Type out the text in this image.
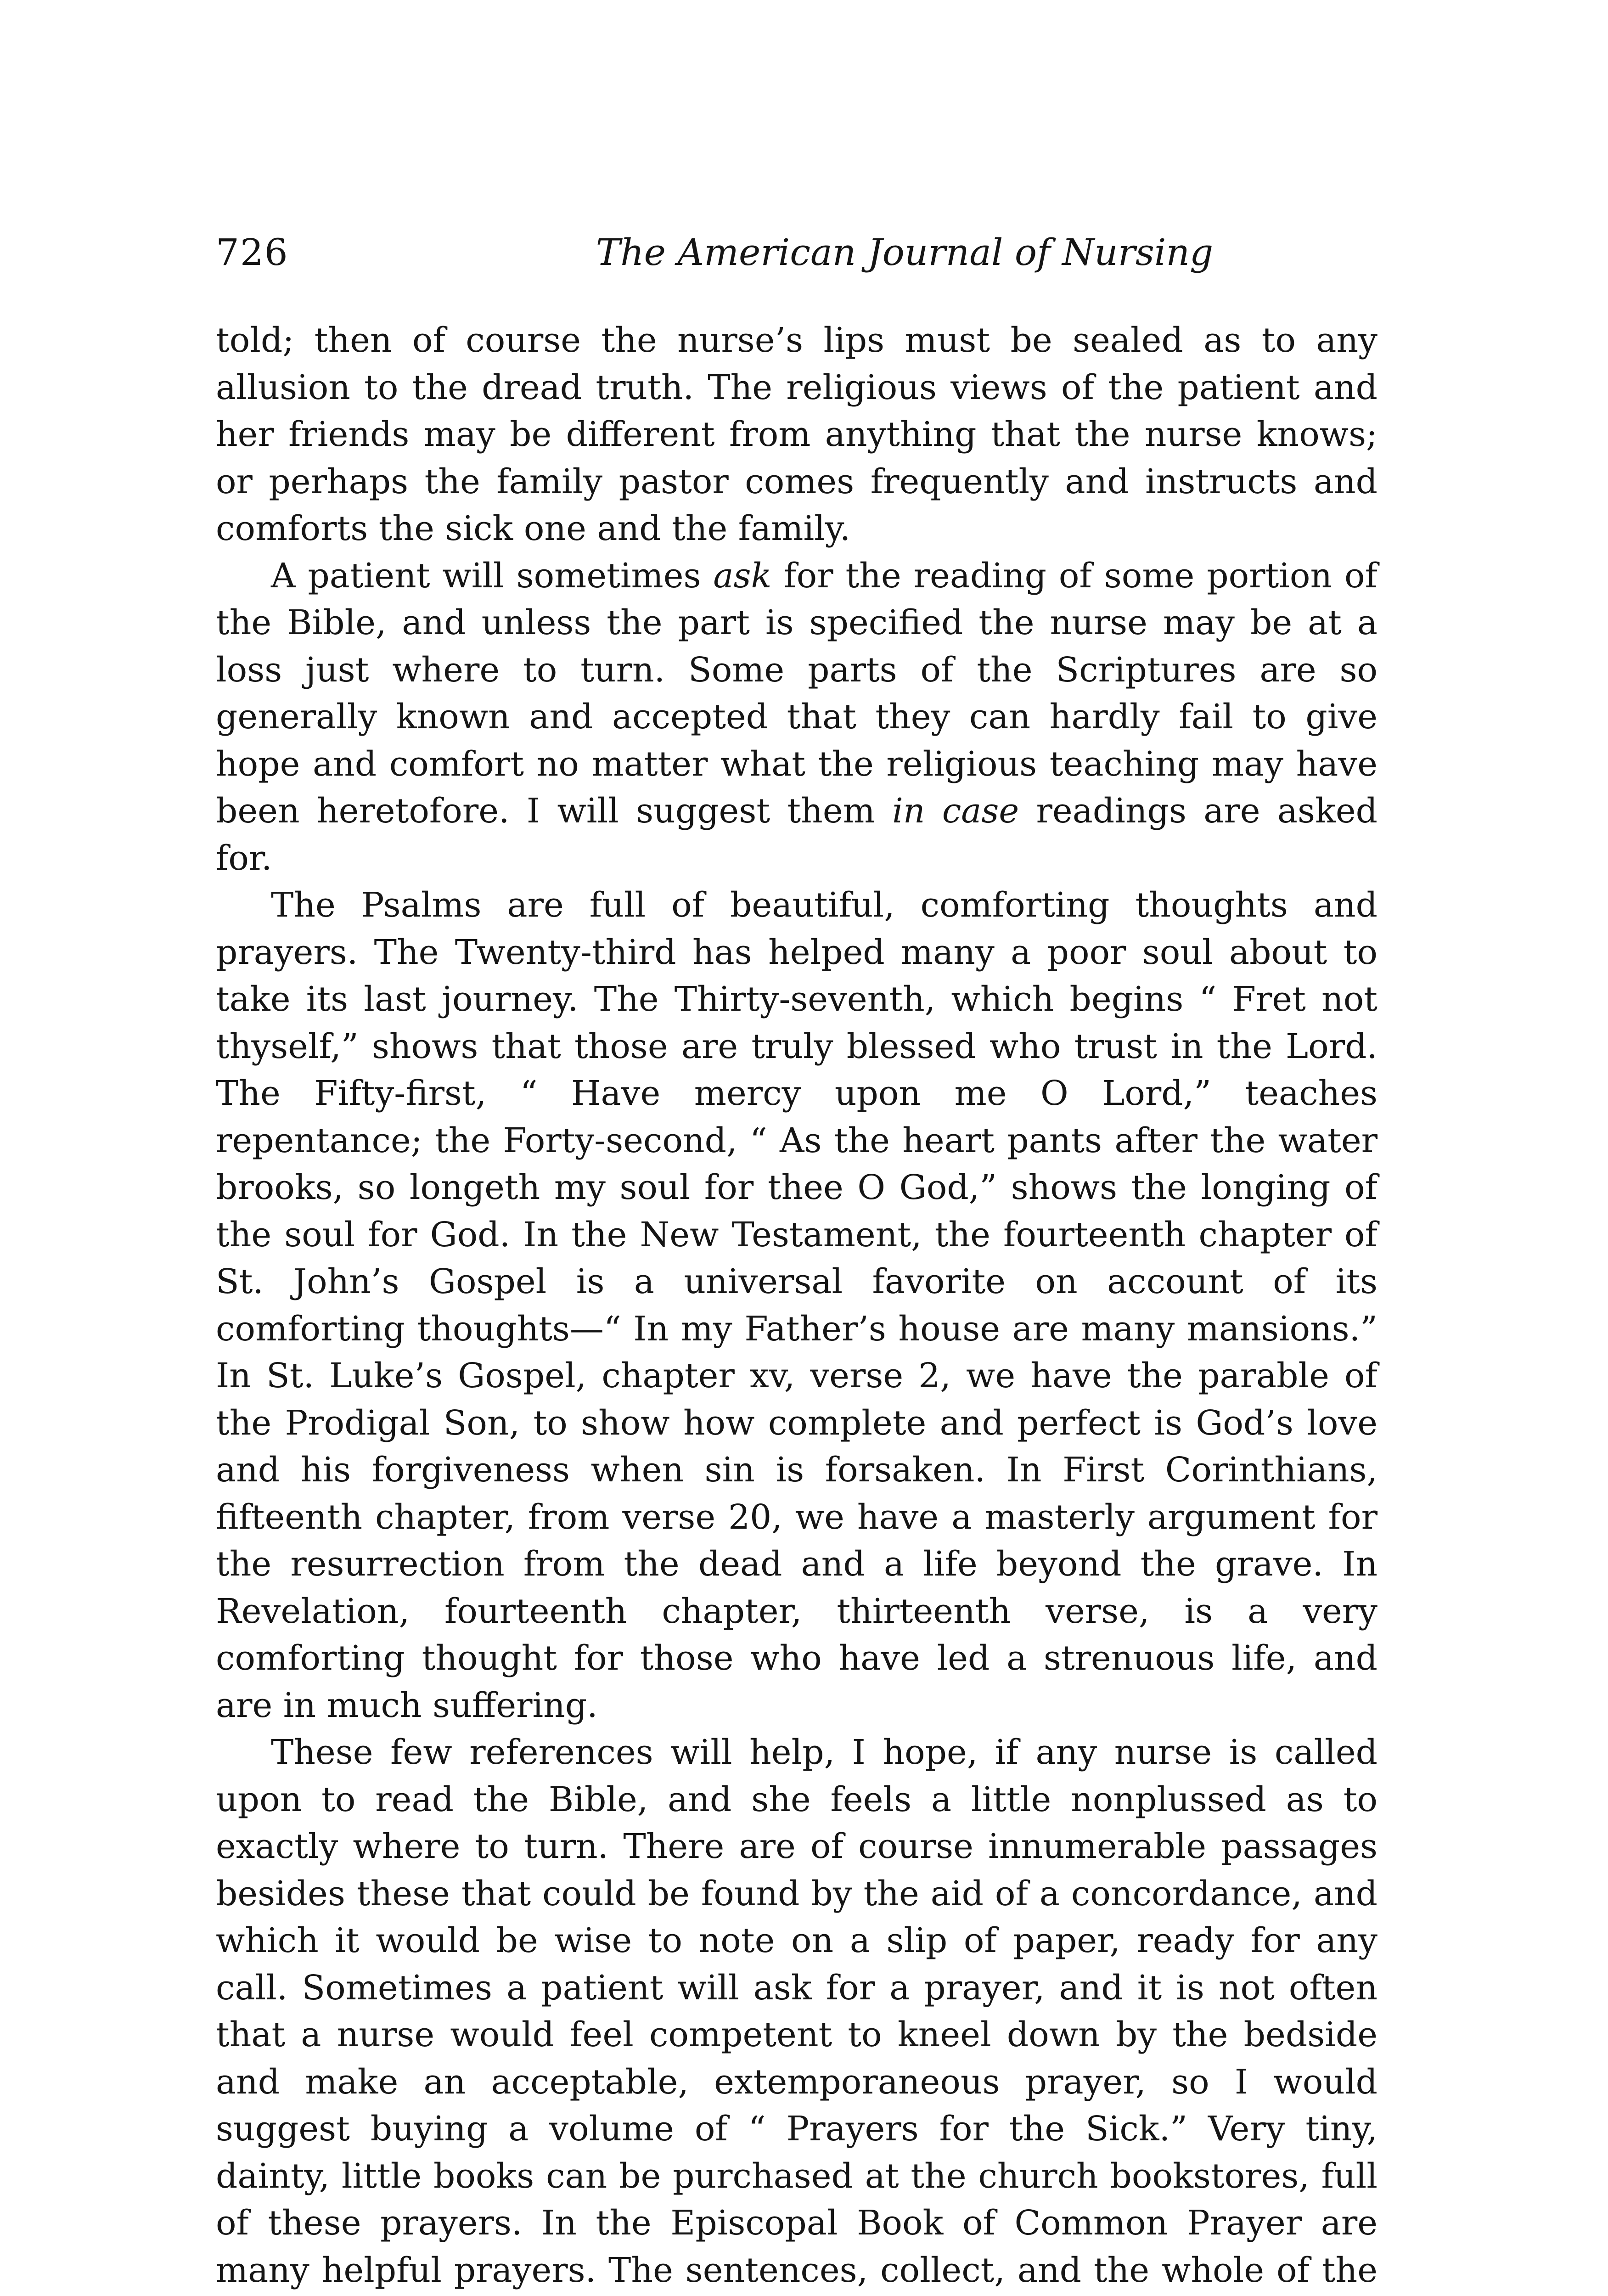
726	The American Journal of Nursing

told; then of course the nurse’s lips must be sealed as to any allusion to the dread truth. The religious views of the patient and her friends may be different from anything that the nurse knows; or perhaps the family pastor comes frequently and instructs and comforts the sick one and the family.

A patient will sometimes ask for the reading of some portion of the Bible, and unless the part is specified the nurse may be at a loss just where to turn. Some parts of the Scriptures are so generally known and accepted that they can hardly fail to give hope and comfort no matter what the religious teaching may have been heretofore. I will suggest them in case readings are asked for.

The Psalms are full of beautiful, comforting thoughts and prayers. The Twenty-third has helped many a poor soul about to take its last journey. The Thirty-seventh, which begins “ Fret not thyself,” shows that those are truly blessed who trust in the Lord. The Fifty-first, “ Have mercy upon me O Lord,” teaches repentance; the Forty-second, “ As the heart pants after the water brooks, so longeth my soul for thee O God,” shows the longing of the soul for God. In the New Testament, the fourteenth chapter of St. John’s Gospel is a universal favorite on account of its comforting thoughts—“ In my Father’s house are many mansions.” In St. Luke’s Gospel, chapter xv, verse 2, we have the parable of the Prodigal Son, to show how complete and perfect is God’s love and his forgiveness when sin is forsaken. In First Corinthians, fifteenth chapter, from verse 20, we have a masterly argument for the resurrection from the dead and a life beyond the grave. In Revelation, fourteenth chapter, thirteenth verse, is a very comforting thought for those who have led a strenuous life, and are in much suffering.

These few references will help, I hope, if any nurse is called upon to read the Bible, and she feels a little nonplussed as to exactly where to turn. There are of course innumerable passages besides these that could be found by the aid of a concordance, and which it would be wise to note on a slip of paper, ready for any call. Sometimes a patient will ask for a prayer, and it is not often that a nurse would feel competent to kneel down by the bedside and make an acceptable, extemporaneous prayer, so I would suggest buying a volume of “ Prayers for the Sick.” Very tiny, dainty, little books can be purchased at the church bookstores, full of these prayers. In the Episcopal Book of Common Prayer are many helpful prayers. The sentences, collect, and the whole of the
